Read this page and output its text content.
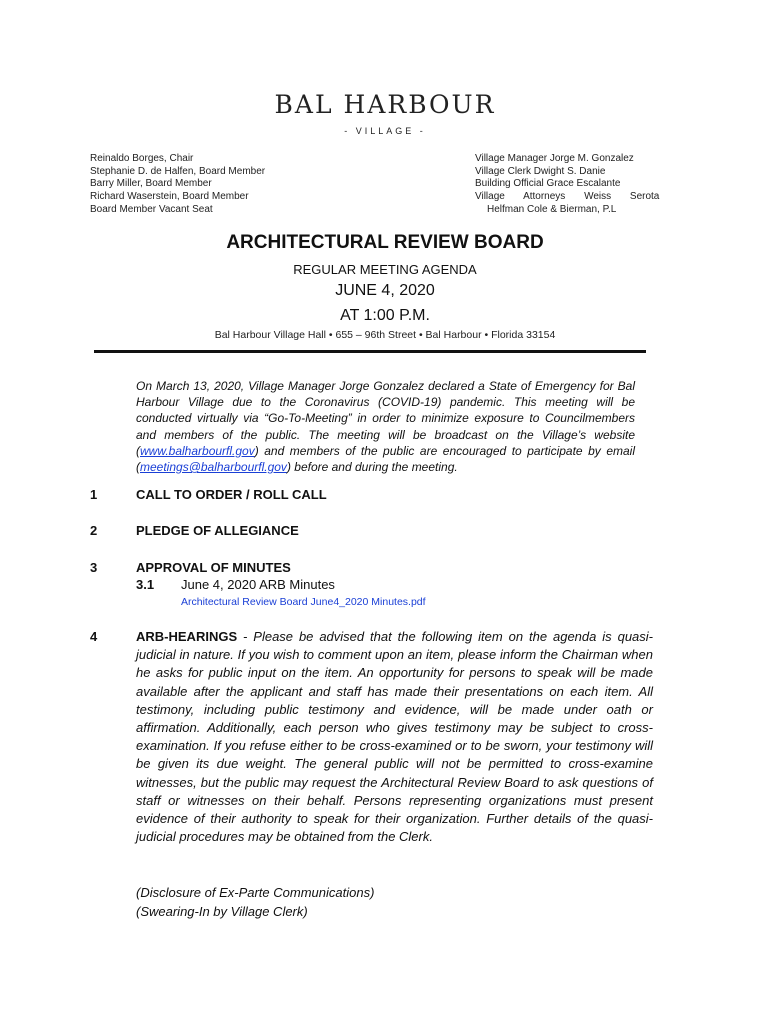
BAL HARBOUR
- VILLAGE -
Reinaldo Borges, Chair
Stephanie D. de Halfen, Board Member
Barry Miller, Board Member
Richard Waserstein, Board Member
Board Member Vacant Seat
Village Manager Jorge M. Gonzalez
Village Clerk Dwight S. Danie
Building Official Grace Escalante
Village Attorneys Weiss Serota
Helfman Cole & Bierman, P.L
ARCHITECTURAL REVIEW BOARD
REGULAR MEETING AGENDA
JUNE 4, 2020
AT 1:00 P.M.
Bal Harbour Village Hall • 655 – 96th Street • Bal Harbour • Florida 33154
On March 13, 2020, Village Manager Jorge Gonzalez declared a State of Emergency for Bal Harbour Village due to the Coronavirus (COVID-19) pandemic. This meeting will be conducted virtually via “Go-To-Meeting” in order to minimize exposure to Councilmembers and members of the public. The meeting will be broadcast on the Village’s website (www.balharbourfl.gov) and members of the public are encouraged to participate by email (meetings@balharbourfl.gov) before and during the meeting.
1	CALL TO ORDER / ROLL CALL
2	PLEDGE OF ALLEGIANCE
3	APPROVAL OF MINUTES
3.1 June 4, 2020 ARB Minutes
Architectural Review Board June4_2020 Minutes.pdf
4	ARB-HEARINGS - Please be advised that the following item on the agenda is quasi-judicial in nature. If you wish to comment upon an item, please inform the Chairman when he asks for public input on the item. An opportunity for persons to speak will be made available after the applicant and staff has made their presentations on each item. All testimony, including public testimony and evidence, will be made under oath or affirmation. Additionally, each person who gives testimony may be subject to cross-examination. If you refuse either to be cross-examined or to be sworn, your testimony will be given its due weight. The general public will not be permitted to cross-examine witnesses, but the public may request the Architectural Review Board to ask questions of staff or witnesses on their behalf. Persons representing organizations must present evidence of their authority to speak for their organization. Further details of the quasi-judicial procedures may be obtained from the Clerk.
(Disclosure of Ex-Parte Communications)
(Swearing-In by Village Clerk)
